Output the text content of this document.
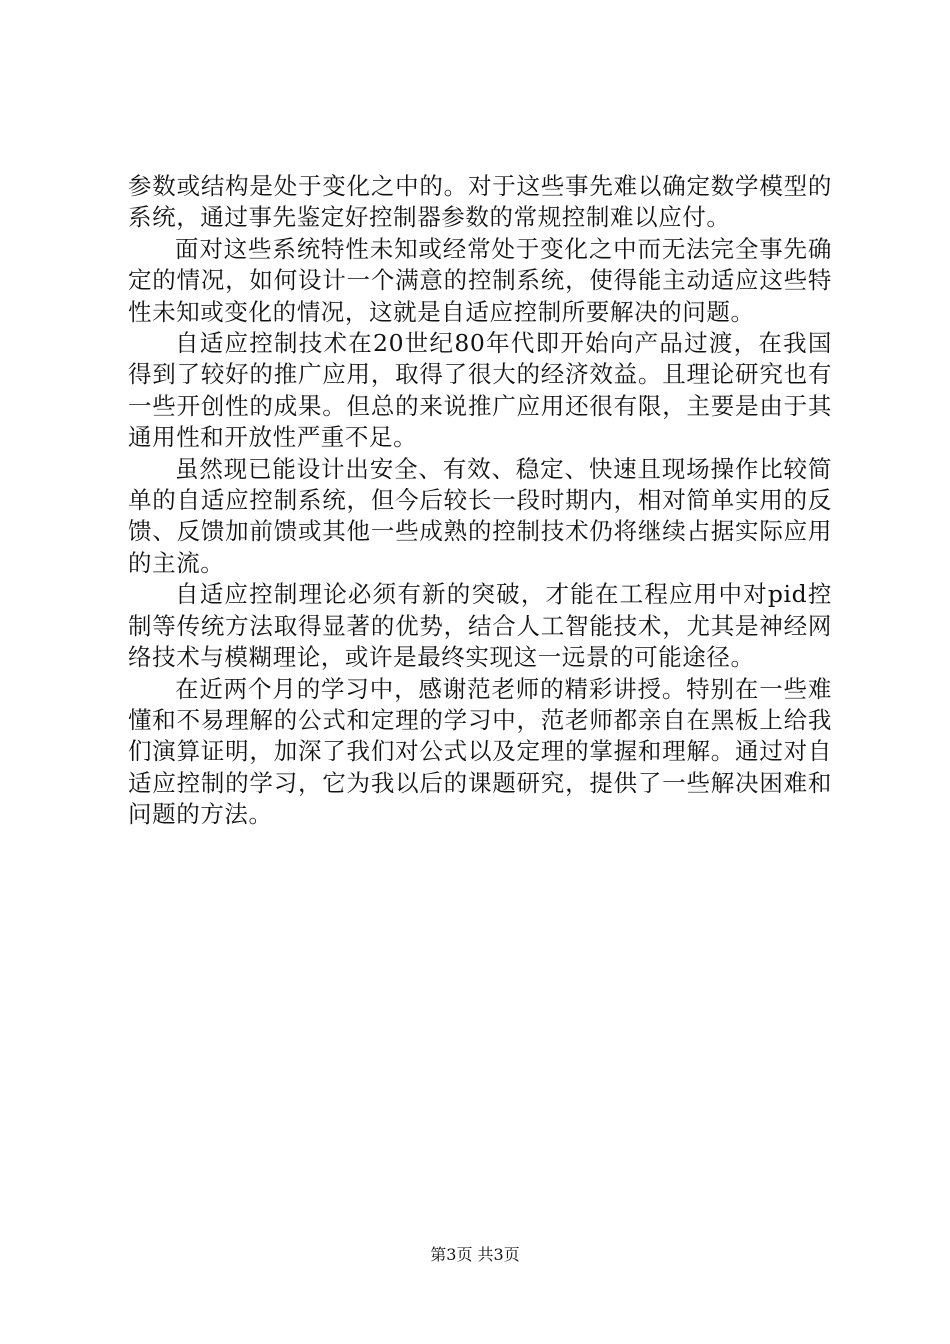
参数或结构是处于变化之中的。对于这些事先难以确定数学模型的系统，通过事先鉴定好控制器参数的常规控制难以应付。

面对这些系统特性未知或经常处于变化之中而无法完全事先确定的情况，如何设计一个满意的控制系统，使得能主动适应这些特性未知或变化的情况，这就是自适应控制所要解决的问题。

自适应控制技术在20世纪80年代即开始向产品过渡，在我国得到了较好的推广应用，取得了很大的经济效益。且理论研究也有一些开创性的成果。但总的来说推广应用还很有限，主要是由于其通用性和开放性严重不足。

虽然现已能设计出安全、有效、稳定、快速且现场操作比较简单的自适应控制系统，但今后较长一段时期内，相对简单实用的反馈、反馈加前馈或其他一些成熟的控制技术仍将继续占据实际应用的主流。

自适应控制理论必须有新的突破，才能在工程应用中对pid控制等传统方法取得显著的优势，结合人工智能技术，尤其是神经网络技术与模糊理论，或许是最终实现这一远景的可能途径。

在近两个月的学习中，感谢范老师的精彩讲授。特别在一些难懂和不易理解的公式和定理的学习中，范老师都亲自在黑板上给我们演算证明，加深了我们对公式以及定理的掌握和理解。通过对自适应控制的学习，它为我以后的课题研究，提供了一些解决困难和问题的方法。

第3页 共3页
